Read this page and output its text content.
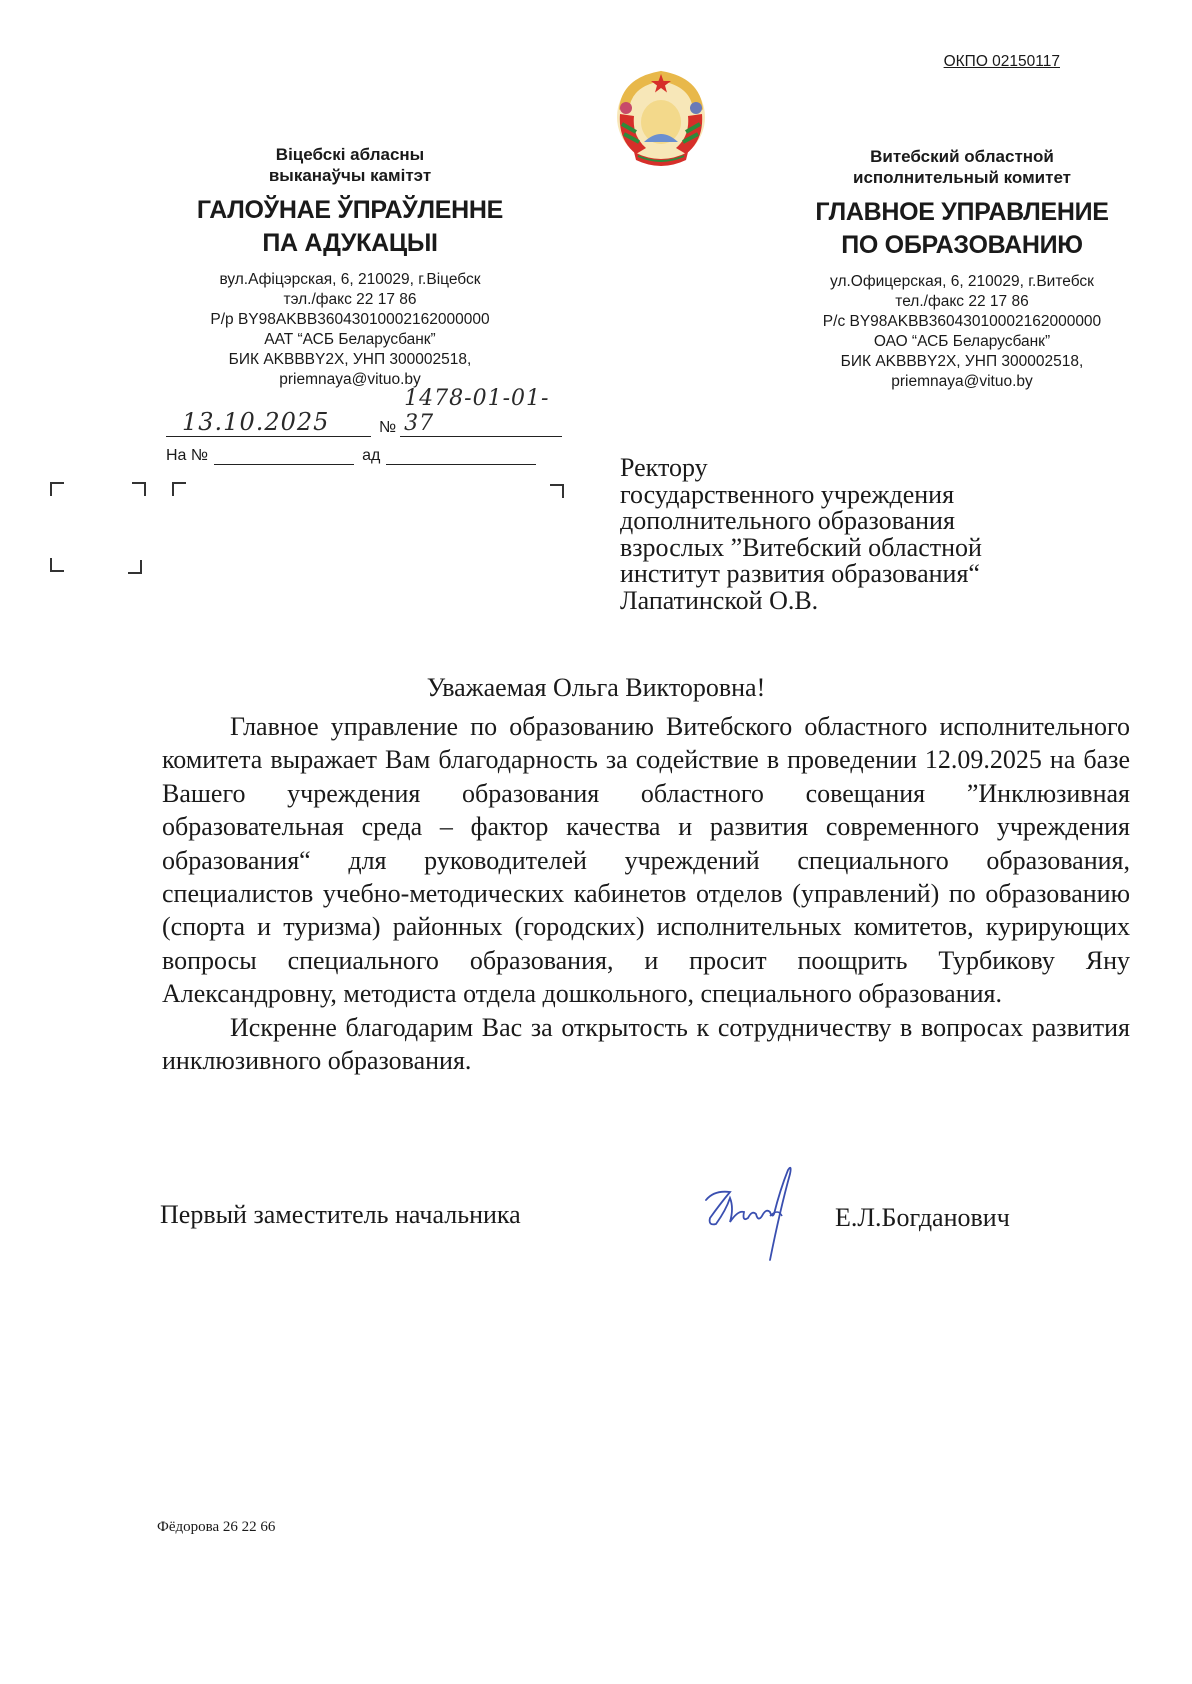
ОКПО 02150117
Віцебскі абласны
выканаўчы камітэт
ГАЛОЎНАЕ ЎПРАЎЛЕННЕ
ПА АДУКАЦЫІ
вул.Афіцэрская, 6, 210029, г.Віцебск
тэл./факс 22 17 86
Р/р BY98AKBB36043010002162000000
ААТ “АСБ Беларусбанк”
БИК AKBBBY2X, УНП 300002518,
priemnaya@vituo.by
Витебский областной
исполнительный комитет
ГЛАВНОЕ УПРАВЛЕНИЕ
ПО ОБРАЗОВАНИЮ
ул.Офицерская, 6, 210029, г.Витебск
тел./факс 22 17 86
Р/с BY98AKBB36043010002162000000
ОАО “АСБ Беларусбанк”
БИК AKBBBY2X, УНП 300002518,
priemnaya@vituo.by
13.10.2025	№
1478-01-01-37
На №	ад	Ректору
государственного учреждения
дополнительного образования
взрослых ”Витебский областной
институт развития образования“
Лапатинской О.В.
Уважаемая Ольга Викторовна!

Главное управление по образованию Витебского областного исполнительного комитета выражает Вам благодарность за содействие в проведении 12.09.2025 на базе Вашего учреждения образования областного совещания ”Инклюзивная образовательная среда – фактор качества и развития современного учреждения образования“ для руководителей учреждений специального образования, специалистов учебно-методических кабинетов отделов (управлений) по образованию (спорта и туризма) районных (городских) исполнительных комитетов, курирующих вопросы специального образования, и просит поощрить Турбикову Яну Александровну, методиста отдела дошкольного, специального образования.

Искренне благодарим Вас за открытость к сотрудничеству в вопросах развития инклюзивного образования.

Первый заместитель начальника	Е.Л.Богданович
Фёдорова 26 22 66
